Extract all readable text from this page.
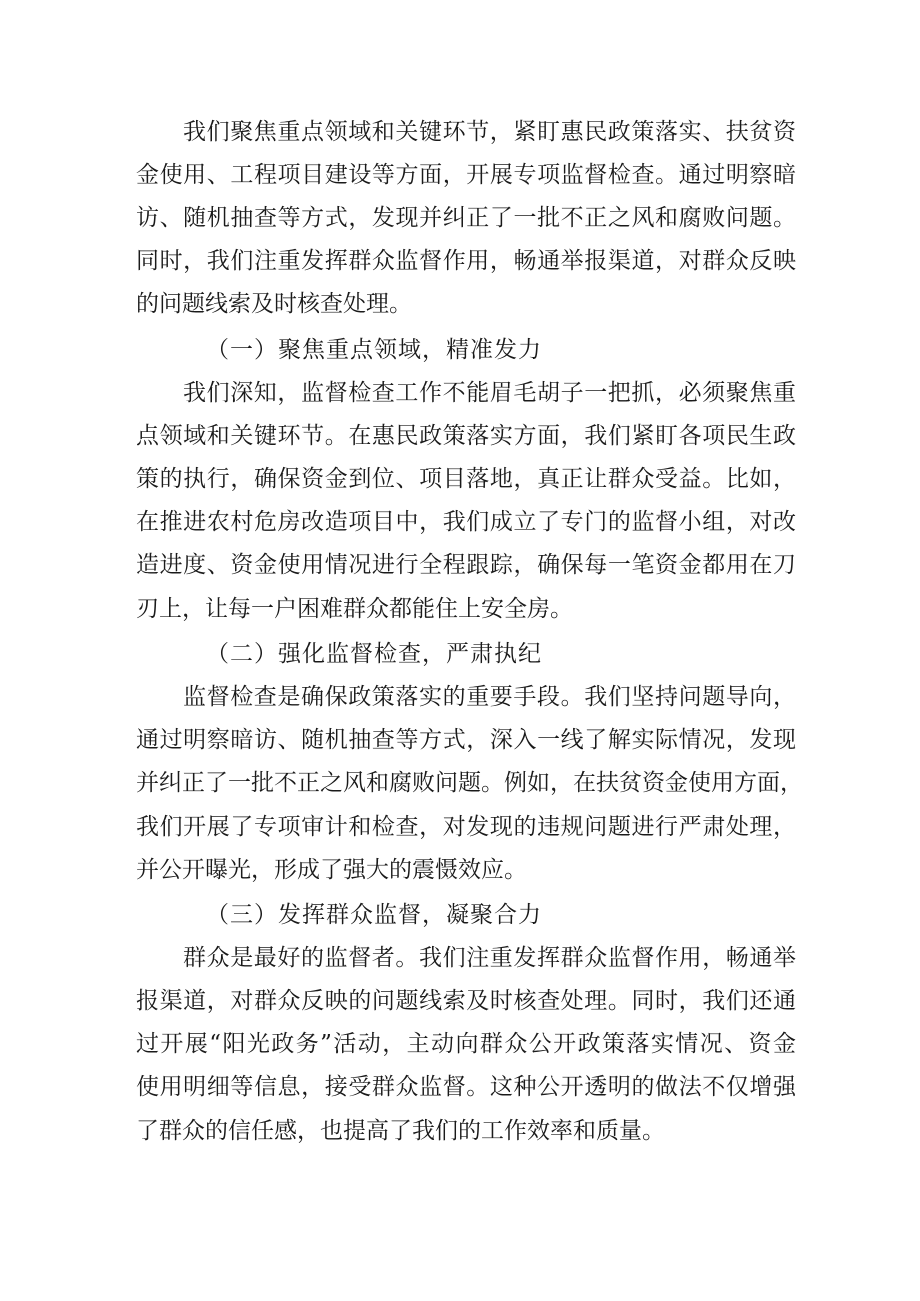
我们聚焦重点领域和关键环节，紧盯惠民政策落实、扶贫资
金使用、工程项目建设等方面，开展专项监督检查。通过明察暗
访、随机抽查等方式，发现并纠正了一批不正之风和腐败问题。
同时，我们注重发挥群众监督作用，畅通举报渠道，对群众反映
的问题线索及时核查处理。
（一）聚焦重点领域，精准发力
我们深知，监督检查工作不能眉毛胡子一把抓，必须聚焦重
点领域和关键环节。在惠民政策落实方面，我们紧盯各项民生政
策的执行，确保资金到位、项目落地，真正让群众受益。比如，
在推进农村危房改造项目中，我们成立了专门的监督小组，对改
造进度、资金使用情况进行全程跟踪，确保每一笔资金都用在刀
刃上，让每一户困难群众都能住上安全房。
（二）强化监督检查，严肃执纪
监督检查是确保政策落实的重要手段。我们坚持问题导向，
通过明察暗访、随机抽查等方式，深入一线了解实际情况，发现
并纠正了一批不正之风和腐败问题。例如，在扶贫资金使用方面，
我们开展了专项审计和检查，对发现的违规问题进行严肃处理，
并公开曝光，形成了强大的震慑效应。
（三）发挥群众监督，凝聚合力
群众是最好的监督者。我们注重发挥群众监督作用，畅通举
报渠道，对群众反映的问题线索及时核查处理。同时，我们还通
过开展“阳光政务”活动，主动向群众公开政策落实情况、资金
使用明细等信息，接受群众监督。这种公开透明的做法不仅增强
了群众的信任感，也提高了我们的工作效率和质量。
